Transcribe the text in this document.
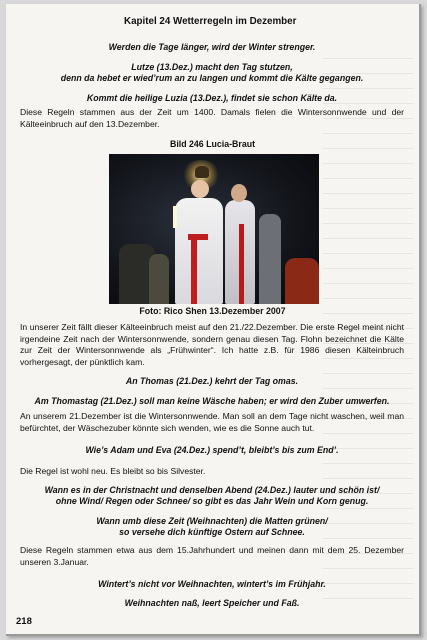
Kapitel 24 Wetterregeln im Dezember
Werden die Tage länger, wird der Winter strenger.
Lutze (13.Dez.) macht den Tag stutzen,
denn da hebet er wied’rum an zu langen und kommt die Kälte gegangen.
Kommt die heilige Luzia (13.Dez.), findet sie schon Kälte da.
Diese Regeln stammen aus der Zeit um 1400. Damals fielen die Wintersonnwende und der Kälteeinbruch auf den 13.Dezember.
Bild 246 Lucia-Braut
Foto: Rico Shen 13.Dezember 2007
In unserer Zeit fällt dieser Kälteeinbruch meist auf den 21./22.Dezember. Die erste Regel meint nicht irgendeine Zeit nach der Wintersonnwende, sondern genau diesen Tag. Flohn bezeichnet die Kälte zur Zeit der Wintersonnwende als „Frühwinter“. Ich hatte z.B. für 1986 diesen Kälteinbruch vorhergesagt, der pünktlich kam.
An Thomas (21.Dez.) kehrt der Tag omas.
Am Thomastag (21.Dez.) soll man keine Wäsche haben; er wird den Zuber umwerfen.
An unserem 21.Dezember ist die Wintersonnwende. Man soll an dem Tage nicht waschen, weil man befürchtet, der Wäschezuber könnte sich wenden, wie es die Sonne auch tut.
Wie’s Adam und Eva (24.Dez.) spend’t, bleibt’s bis zum End’.
Die Regel ist wohl neu. Es bleibt so bis Silvester.
Wann es in der Christnacht und denselben Abend (24.Dez.) lauter und schön ist/
ohne Wind/ Regen oder Schnee/ so gibt es das Jahr Wein und Korn genug.
Wann umb diese Zeit (Weihnachten) die Matten grünen/
so versehe dich künftige Ostern auf Schnee.
Diese Regeln stammen etwa aus dem 15.Jahrhundert und meinen dann mit dem 25. Dezember unseren 3.Januar.
Wintert’s nicht vor Weihnachten, wintert’s im Frühjahr.
Weihnachten naß, leert Speicher und Faß.
218
